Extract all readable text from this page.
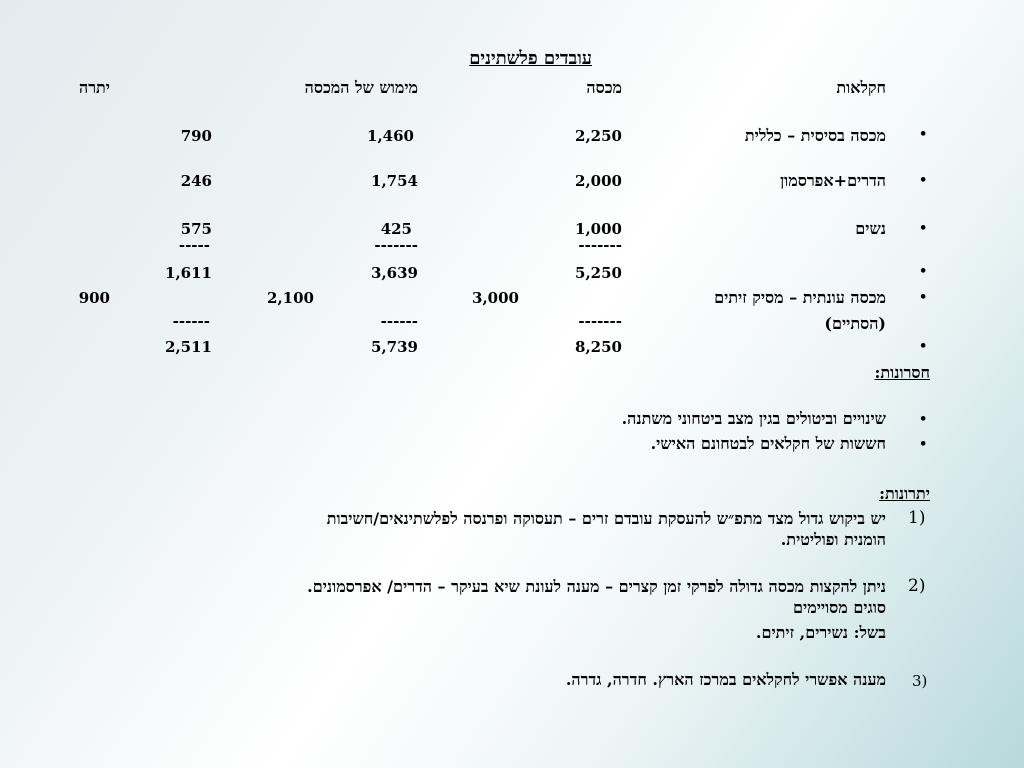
עובדים פלשתינים
חקלאות
מכסה
מימוש של המכסה
יתרה
•
מכסה בסיסית – כללית
2,250
1,460
790
•
הדרים+אפרסמון
2,000
1,754
246
•
נשים
1,000
425
575
-------
-------
-----
•
5,250
3,639
1,611
•
מכסה עונתית – מסיק זיתים
(הסתיים)
3,000
2,100
900
-------
------
------
•
8,250
5,739
2,511
חסרונות:
•
שינויים וביטולים בגין מצב ביטחוני משתנה.
•
חששות של חקלאים לבטחונם האישי.
יתרונות:
1)
יש ביקוש גדול מצד מתפ״ש להעסקת עובדם זרים – תעסוקה ופרנסה לפלשתינאים/חשיבות
הומנית ופוליטית.
2)
ניתן להקצות מכסה גדולה לפרקי זמן קצרים – מענה לעונת שיא בעיקר – הדרים/ אפרסמונים.
סוגים מסויימים
בשל: נשירים, זיתים.
3)
מענה אפשרי לחקלאים במרכז הארץ. חדרה, גדרה.
